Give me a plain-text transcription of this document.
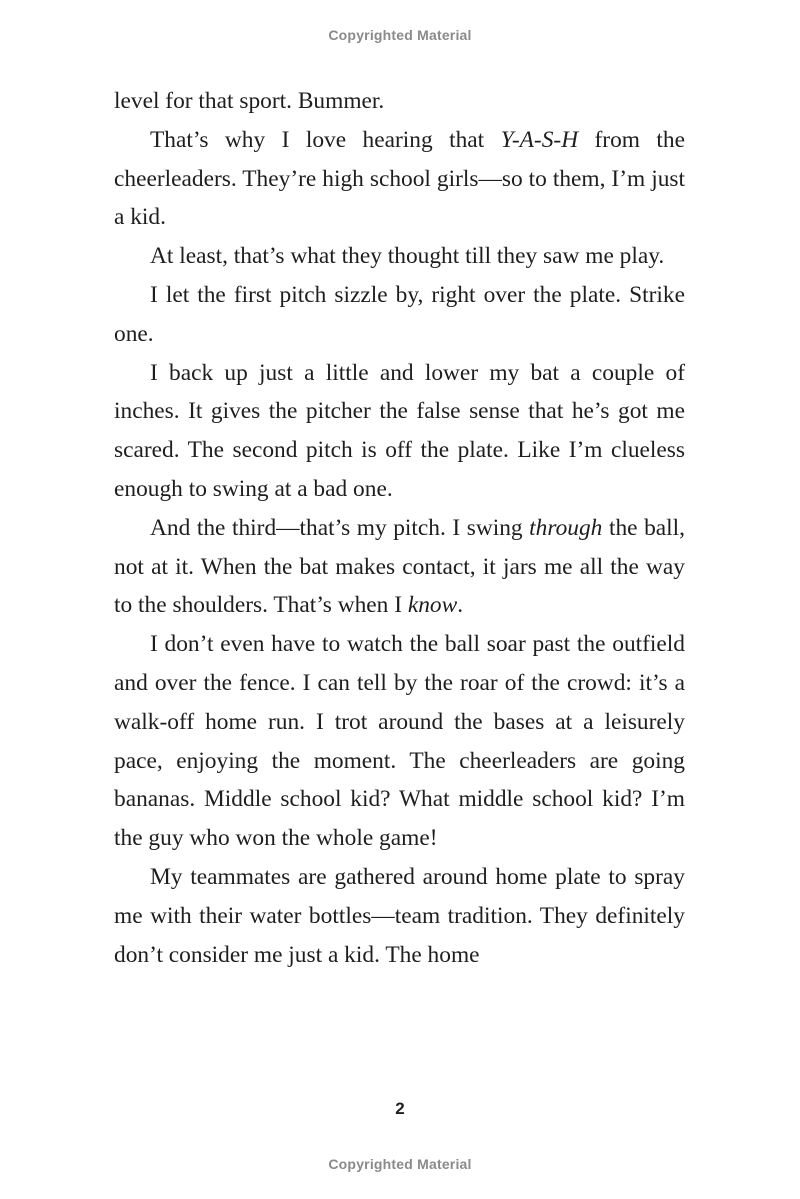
Copyrighted Material

level for that sport. Bummer.

That’s why I love hearing that Y-A-S-H from the cheerleaders. They’re high school girls—so to them, I’m just a kid.

At least, that’s what they thought till they saw me play.

I let the first pitch sizzle by, right over the plate. Strike one.

I back up just a little and lower my bat a couple of inches. It gives the pitcher the false sense that he’s got me scared. The second pitch is off the plate. Like I’m clueless enough to swing at a bad one.

And the third—that’s my pitch. I swing through the ball, not at it. When the bat makes contact, it jars me all the way to the shoulders. That’s when I know.

I don’t even have to watch the ball soar past the outfield and over the fence. I can tell by the roar of the crowd: it’s a walk-off home run. I trot around the bases at a leisurely pace, enjoying the moment. The cheerleaders are going bananas. Middle school kid? What middle school kid? I’m the guy who won the whole game!

My teammates are gathered around home plate to spray me with their water bottles—team tradition. They definitely don’t consider me just a kid. The home

2
Copyrighted Material
